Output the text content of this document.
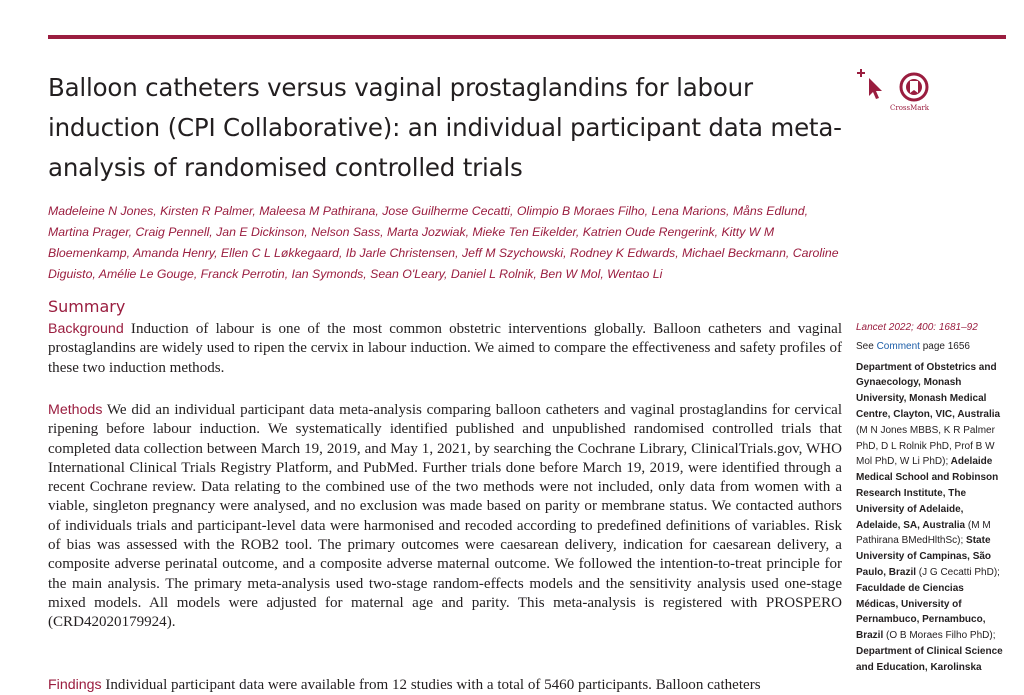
Balloon catheters versus vaginal prostaglandins for labour induction (CPI Collaborative): an individual participant data meta-analysis of randomised controlled trials
CrossMark

Madeleine N Jones, Kirsten R Palmer, Maleesa M Pathirana, Jose Guilherme Cecatti, Olimpio B Moraes Filho, Lena Marions, Måns Edlund, Martina Prager, Craig Pennell, Jan E Dickinson, Nelson Sass, Marta Jozwiak, Mieke Ten Eikelder, Katrien Oude Rengerink, Kitty W M Bloemenkamp, Amanda Henry, Ellen C L Løkkegaard, Ib Jarle Christensen, Jeff M Szychowski, Rodney K Edwards, Michael Beckmann, Caroline Diguisto, Amélie Le Gouge, Franck Perrotin, Ian Symonds, Sean O'Leary, Daniel L Rolnik, Ben W Mol, Wentao Li

Summary

Background Induction of labour is one of the most common obstetric interventions globally. Balloon catheters and vaginal prostaglandins are widely used to ripen the cervix in labour induction. We aimed to compare the effectiveness and safety profiles of these two induction methods.

Methods We did an individual participant data meta-analysis comparing balloon catheters and vaginal prostaglandins for cervical ripening before labour induction. We systematically identified published and unpublished randomised controlled trials that completed data collection between March 19, 2019, and May 1, 2021, by searching the Cochrane Library, ClinicalTrials.gov, WHO International Clinical Trials Registry Platform, and PubMed. Further trials done before March 19, 2019, were identified through a recent Cochrane review. Data relating to the combined use of the two methods were not included, only data from women with a viable, singleton pregnancy were analysed, and no exclusion was made based on parity or membrane status. We contacted authors of individuals trials and participant-level data were harmonised and recoded according to predefined definitions of variables. Risk of bias was assessed with the ROB2 tool. The primary outcomes were caesarean delivery, indication for caesarean delivery, a composite adverse perinatal outcome, and a composite adverse maternal outcome. We followed the intention-to-treat principle for the main analysis. The primary meta-analysis used two-stage random-effects models and the sensitivity analysis used one-stage mixed models. All models were adjusted for maternal age and parity. This meta-analysis is registered with PROSPERO (CRD42020179924).

Findings Individual participant data were available from 12 studies with a total of 5460 participants. Balloon catheters

Lancet 2022; 400: 1681–92

See Comment page 1656

Department of Obstetrics and Gynaecology, Monash University, Monash Medical Centre, Clayton, VIC, Australia (M N Jones MBBS, K R Palmer PhD, D L Rolnik PhD, Prof B W Mol PhD, W Li PhD); Adelaide Medical School and Robinson Research Institute, The University of Adelaide, Adelaide, SA, Australia (M M Pathirana BMedHlthSc); State University of Campinas, São Paulo, Brazil (J G Cecatti PhD); Faculdade de Ciencias Médicas, University of Pernambuco, Pernambuco, Brazil (O B Moraes Filho PhD); Department of Clinical Science and Education, Karolinska
